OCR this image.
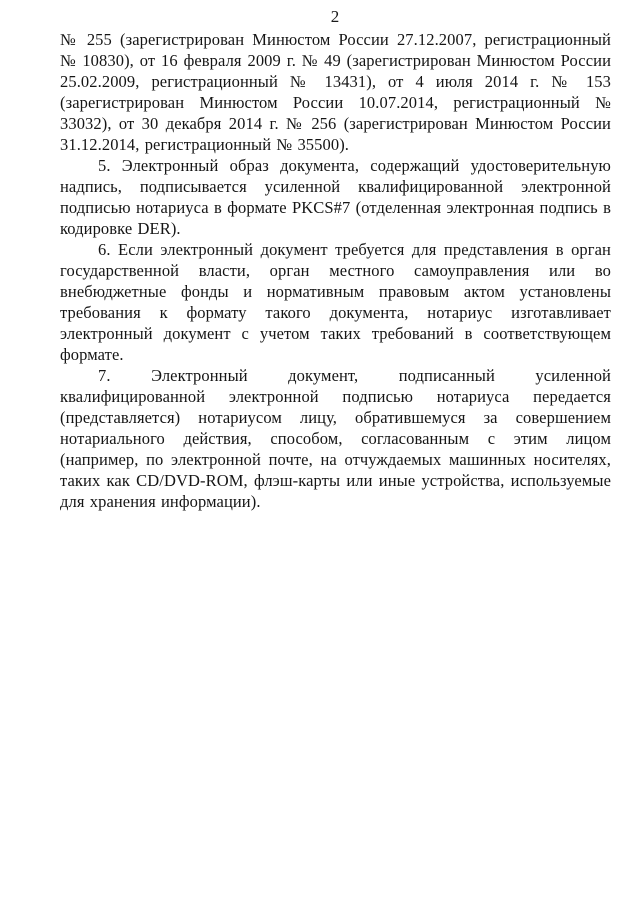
2

№ 255 (зарегистрирован Минюстом России 27.12.2007, регистрационный № 10830), от 16 февраля 2009 г. № 49 (зарегистрирован Минюстом России 25.02.2009, регистрационный № 13431), от 4 июля 2014 г. № 153 (зарегистрирован Минюстом России 10.07.2014, регистрационный № 33032), от 30 декабря 2014 г. № 256 (зарегистрирован Минюстом России 31.12.2014, регистрационный № 35500).

5. Электронный образ документа, содержащий удостоверительную надпись, подписывается усиленной квалифицированной электронной подписью нотариуса в формате PKCS#7 (отделенная электронная подпись в кодировке DER).

6. Если электронный документ требуется для представления в орган государственной власти, орган местного самоуправления или во внебюджетные фонды и нормативным правовым актом установлены требования к формату такого документа, нотариус изготавливает электронный документ с учетом таких требований в соответствующем формате.

7. Электронный документ, подписанный усиленной квалифицированной электронной подписью нотариуса передается (представляется) нотариусом лицу, обратившемуся за совершением нотариального действия, способом, согласованным с этим лицом (например, по электронной почте, на отчуждаемых машинных носителях, таких как CD/DVD-ROM, флэш-карты или иные устройства, используемые для хранения информации).
